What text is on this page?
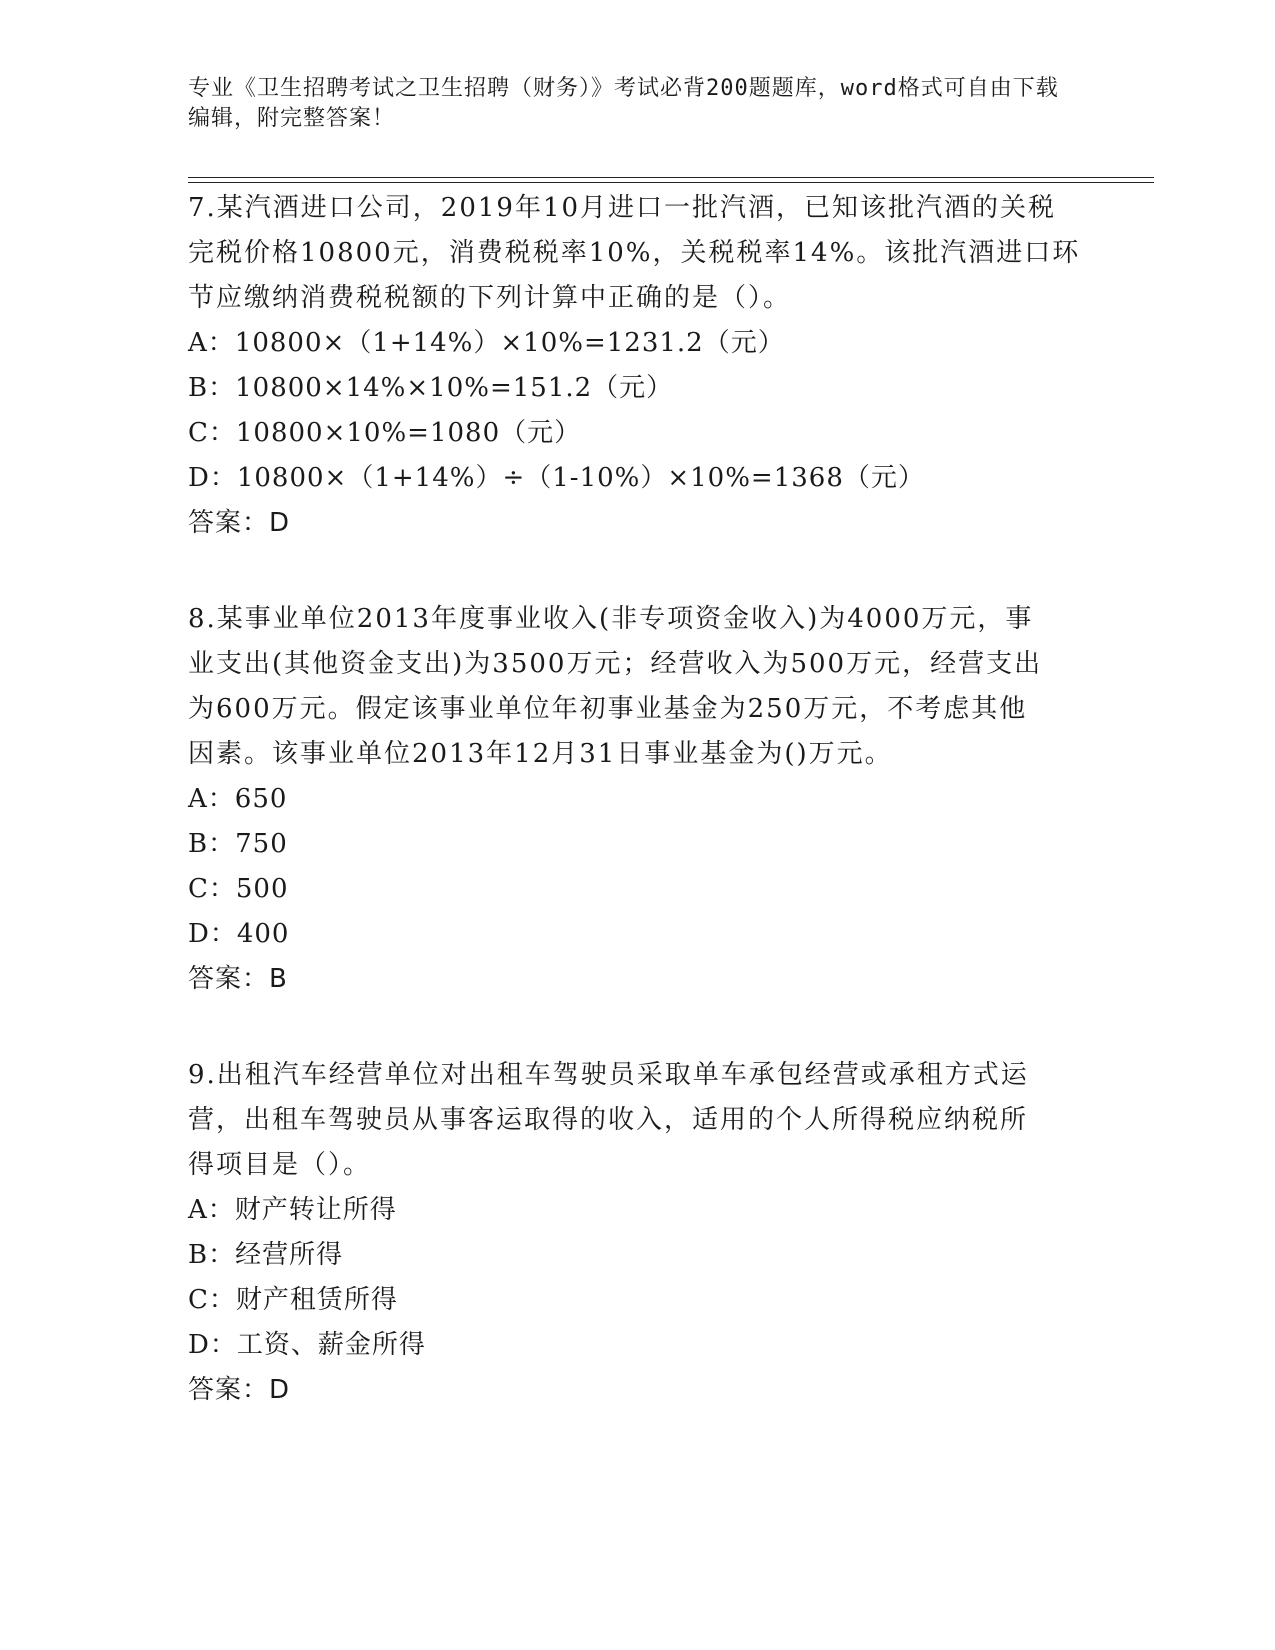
专业《卫生招聘考试之卫生招聘（财务）》考试必背200题题库，word格式可自由下载编辑，附完整答案！

7.某汽酒进口公司，2019年10月进口一批汽酒，已知该批汽酒的关税
完税价格10800元，消费税税率10%，关税税率14%。该批汽酒进口环
节应缴纳消费税税额的下列计算中正确的是（）。

A：10800×（1+14%）×10%=1231.2（元）

B：10800×14%×10%=151.2（元）

C：10800×10%=1080（元）

D：10800×（1+14%）÷（1-10%）×10%=1368（元）

答案：D

8.某事业单位2013年度事业收入(非专项资金收入)为4000万元，事
业支出(其他资金支出)为3500万元；经营收入为500万元，经营支出
为600万元。假定该事业单位年初事业基金为250万元，不考虑其他
因素。该事业单位2013年12月31日事业基金为()万元。

A：650

B：750

C：500

D：400

答案：B

9.出租汽车经营单位对出租车驾驶员采取单车承包经营或承租方式运
营，出租车驾驶员从事客运取得的收入，适用的个人所得税应纳税所
得项目是（）。

A：财产转让所得

B：经营所得

C：财产租赁所得

D：工资、薪金所得

答案：D
